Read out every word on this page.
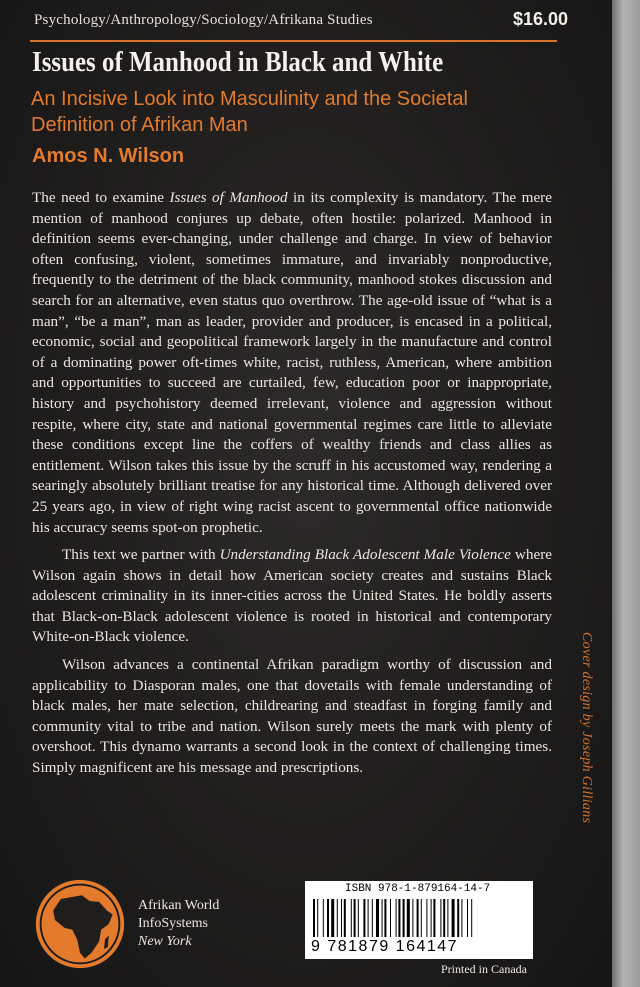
Psychology/Anthropology/Sociology/Afrikana Studies	$16.00
Issues of Manhood in Black and White
An Incisive Look into Masculinity and the Societal Definition of Afrikan Man
Amos N. Wilson

The need to examine Issues of Manhood in its complexity is mandatory. The mere mention of manhood conjures up debate, often hostile: polarized. Manhood in definition seems ever-changing, under challenge and charge. In view of behavior often confusing, violent, sometimes immature, and invariably nonproductive, frequently to the detriment of the black community, manhood stokes discussion and search for an alternative, even status quo overthrow. The age-old issue of “what is a man”, “be a man”, man as leader, provider and producer, is encased in a political, economic, social and geopolitical framework largely in the manufacture and control of a dominating power oft-times white, racist, ruthless, American, where ambition and opportunities to succeed are curtailed, few, education poor or inappropriate, history and psychohistory deemed irrelevant, violence and aggression without respite, where city, state and national governmental regimes care little to alleviate these conditions except line the coffers of wealthy friends and class allies as entitlement. Wilson takes this issue by the scruff in his accustomed way, rendering a searingly absolutely brilliant treatise for any historical time. Although delivered over 25 years ago, in view of right wing racist ascent to governmental office nationwide his accuracy seems spot-on prophetic.

This text we partner with Understanding Black Adolescent Male Violence where Wilson again shows in detail how American society creates and sustains Black adolescent criminality in its inner-cities across the United States. He boldly asserts that Black-on-Black adolescent violence is rooted in historical and contemporary White-on-Black violence.

Wilson advances a continental Afrikan paradigm worthy of discussion and applicability to Diasporan males, one that dovetails with female understanding of black males, her mate selection, childrearing and steadfast in forging family and community vital to tribe and nation. Wilson surely meets the mark with plenty of overshoot. This dynamo warrants a second look in the context of challenging times. Simply magnificent are his message and prescriptions.	Cover design by Joseph Gillians
Afrikan World
InfoSystems
New York
ISBN 978-1-879164-14-7
9 781879 164147
Printed in Canada
